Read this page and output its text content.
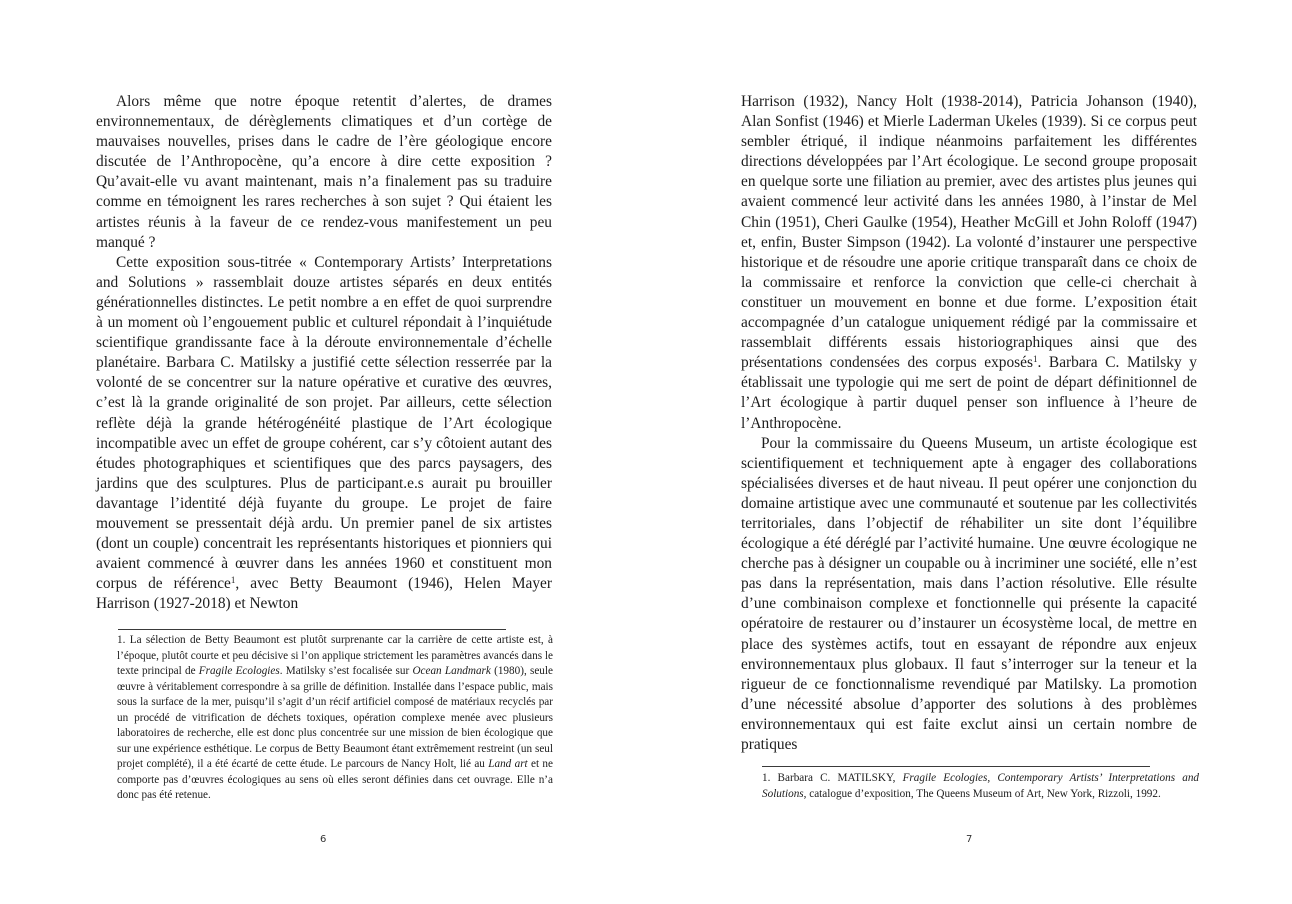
Alors même que notre époque retentit d’alertes, de drames environnementaux, de dérèglements climatiques et d’un cortège de mauvaises nouvelles, prises dans le cadre de l’ère géologique encore discutée de l’Anthropocène, qu’a encore à dire cette exposition ? Qu’avait-elle vu avant maintenant, mais n’a finalement pas su traduire comme en témoignent les rares recherches à son sujet ? Qui étaient les artistes réunis à la faveur de ce rendez-vous manifestement un peu manqué ?

Cette exposition sous-titrée « Contemporary Artists’ Interpretations and Solutions » rassemblait douze artistes séparés en deux entités générationnelles distinctes. Le petit nombre a en effet de quoi surprendre à un moment où l’engouement public et culturel répondait à l’inquiétude scientifique grandissante face à la déroute environnementale d’échelle planétaire. Barbara C. Matilsky a justifié cette sélection resserrée par la volonté de se concentrer sur la nature opérative et curative des œuvres, c’est là la grande originalité de son projet. Par ailleurs, cette sélection reflète déjà la grande hétérogénéité plastique de l’Art écologique incompatible avec un effet de groupe cohérent, car s’y côtoient autant des études photographiques et scientifiques que des parcs paysagers, des jardins que des sculptures. Plus de participant.e.s aurait pu brouiller davantage l’identité déjà fuyante du groupe. Le projet de faire mouvement se pressentait déjà ardu. Un premier panel de six artistes (dont un couple) concentrait les représentants historiques et pionniers qui avaient commencé à œuvrer dans les années 1960 et constituent mon corpus de référence$^1$, avec Betty Beaumont (1946), Helen Mayer Harrison (1927-2018) et Newton

1. La sélection de Betty Beaumont est plutôt surprenante car la carrière de cette artiste est, à l’époque, plutôt courte et peu décisive si l’on applique strictement les paramètres avancés dans le texte principal de Fragile Ecologies. Matilsky s’est focalisée sur Ocean Landmark (1980), seule œuvre à véritablement correspondre à sa grille de définition. Installée dans l’espace public, mais sous la surface de la mer, puisqu’il s’agit d’un récif artificiel composé de matériaux recyclés par un procédé de vitrification de déchets toxiques, opération complexe menée avec plusieurs laboratoires de recherche, elle est donc plus concentrée sur une mission de bien écologique que sur une expérience esthétique. Le corpus de Betty Beaumont étant extrêmement restreint (un seul projet complété), il a été écarté de cette étude. Le parcours de Nancy Holt, lié au Land art et ne comporte pas d’œuvres écologiques au sens où elles seront définies dans cet ouvrage. Elle n’a donc pas été retenue.

6

Harrison (1932), Nancy Holt (1938-2014), Patricia Johanson (1940), Alan Sonfist (1946) et Mierle Laderman Ukeles (1939). Si ce corpus peut sembler étriqué, il indique néanmoins parfaitement les différentes directions développées par l’Art écologique. Le second groupe proposait en quelque sorte une filiation au premier, avec des artistes plus jeunes qui avaient commencé leur activité dans les années 1980, à l’instar de Mel Chin (1951), Cheri Gaulke (1954), Heather McGill et John Roloff (1947) et, enfin, Buster Simpson (1942). La volonté d’instaurer une perspective historique et de résoudre une aporie critique transparaît dans ce choix de la commissaire et renforce la conviction que celle-ci cherchait à constituer un mouvement en bonne et due forme. L’exposition était accompagnée d’un catalogue uniquement rédigé par la commissaire et rassemblait différents essais historiographiques ainsi que des présentations condensées des corpus exposés$^1$. Barbara C. Matilsky y établissait une typologie qui me sert de point de départ définitionnel de l’Art écologique à partir duquel penser son influence à l’heure de l’Anthropocène.

Pour la commissaire du Queens Museum, un artiste écologique est scientifiquement et techniquement apte à engager des collaborations spécialisées diverses et de haut niveau. Il peut opérer une conjonction du domaine artistique avec une communauté et soutenue par les collectivités territoriales, dans l’objectif de réhabiliter un site dont l’équilibre écologique a été déréglé par l’activité humaine. Une œuvre écologique ne cherche pas à désigner un coupable ou à incriminer une société, elle n’est pas dans la représentation, mais dans l’action résolutive. Elle résulte d’une combinaison complexe et fonctionnelle qui présente la capacité opératoire de restaurer ou d’instaurer un écosystème local, de mettre en place des systèmes actifs, tout en essayant de répondre aux enjeux environnementaux plus globaux. Il faut s’interroger sur la teneur et la rigueur de ce fonctionnalisme revendiqué par Matilsky. La promotion d’une nécessité absolue d’apporter des solutions à des problèmes environnementaux qui est faite exclut ainsi un certain nombre de pratiques

1. Barbara C. MATILSKY, Fragile Ecologies, Contemporary Artists’ Interpretations and Solutions, catalogue d’exposition, The Queens Museum of Art, New York, Rizzoli, 1992.

7
